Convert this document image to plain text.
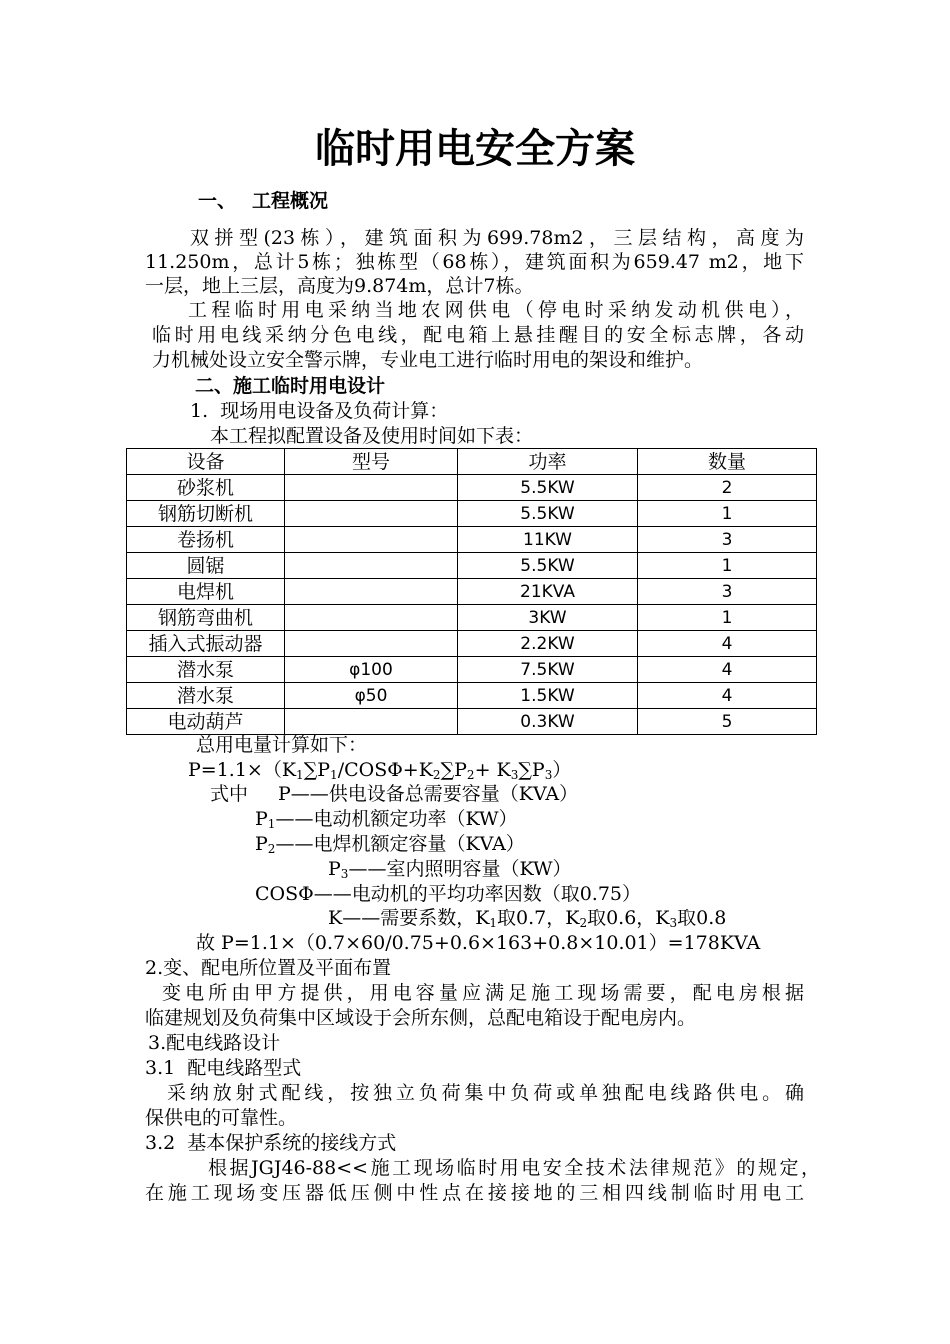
临时用电安全方案
一、 工程概况
双拼型(23栋），建筑面积为699.78m2，三层结构，高度为
11.250m，总计5栋；独栋型（68栋），建筑面积为659.47 m2，地下
一层，地上三层，高度为9.874m，总计7栋。
工程临时用电采纳当地农网供电（停电时采纳发动机供电），
临时用电线采纳分色电线，配电箱上悬挂醒目的安全标志牌，各动
力机械处设立安全警示牌，专业电工进行临时用电的架设和维护。
二、施工临时用电设计
1.  现场用电设备及负荷计算：
本工程拟配置设备及使用时间如下表：
设备	型号	功率	数量
砂浆机		5.5KW	2
钢筋切断机		5.5KW	1
卷扬机		11KW	3
圆锯		5.5KW	1
电焊机		21KVA	3
钢筋弯曲机		3KW	1
插入式振动器		2.2KW	4
潜水泵	φ100	7.5KW	4
潜水泵	φ50	1.5KW	4
电动葫芦		0.3KW	5
总用电量计算如下：
$P=1.1\times(K_1\sum P_1/COS\Phi+K_2\sum P_2+ K_3\sum P_3)$
式中 P——供电设备总需要容量（KVA）
$P_1——$电动机额定功率（KW）
$P_2——$电焊机额定容量（KVA）
$P_3——$室内照明容量（KW）
COSΦ——电动机的平均功率因数（取0.75）
K——需要系数，$K_1$取0.7，$K_2$取0.6，$K_3$取0.8
故 P=1.1×（0.7×60/0.75+0.6×163+0.8×10.01）=178KVA
2.变、配电所位置及平面布置
变电所由甲方提供，用电容量应满足施工现场需要，配电房根据
临建规划及负荷集中区域设于会所东侧，总配电箱设于配电房内。
3.配电线路设计
3.1  配电线路型式
采纳放射式配线，按独立负荷集中负荷或单独配电线路供电。确
保供电的可靠性。
3.2  基本保护系统的接线方式
根据JGJ46-88<<施工现场临时用电安全技术法律规范》的规定，
在施工现场变压器低压侧中性点在接接地的三相四线制临时用电工
